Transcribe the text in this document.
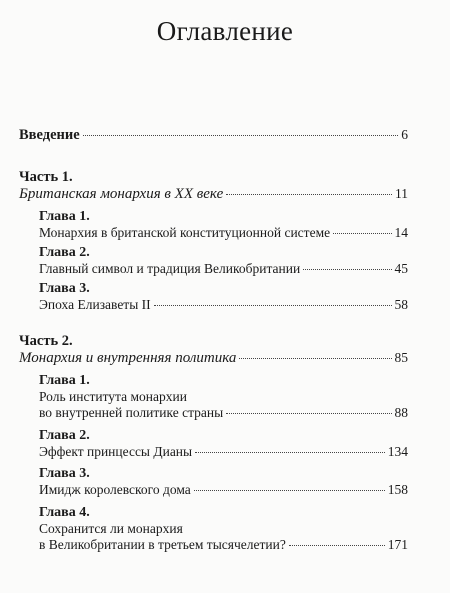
Оглавление
Введение	6
Часть 1.
Британская монархия в XX веке	11
Глава 1.
Монархия в британской конституционной системе	14
Глава 2.
Главный символ и традиция Великобритании	45
Глава 3.
Эпоха Елизаветы II	58
Часть 2.
Монархия и внутренняя политика	85
Глава 1.
Роль института монархии
во внутренней политике страны	88
Глава 2.
Эффект принцессы Дианы	134
Глава 3.
Имидж королевского дома	158
Глава 4.
Сохранится ли монархия
в Великобритании в третьем тысячелетии?	171
